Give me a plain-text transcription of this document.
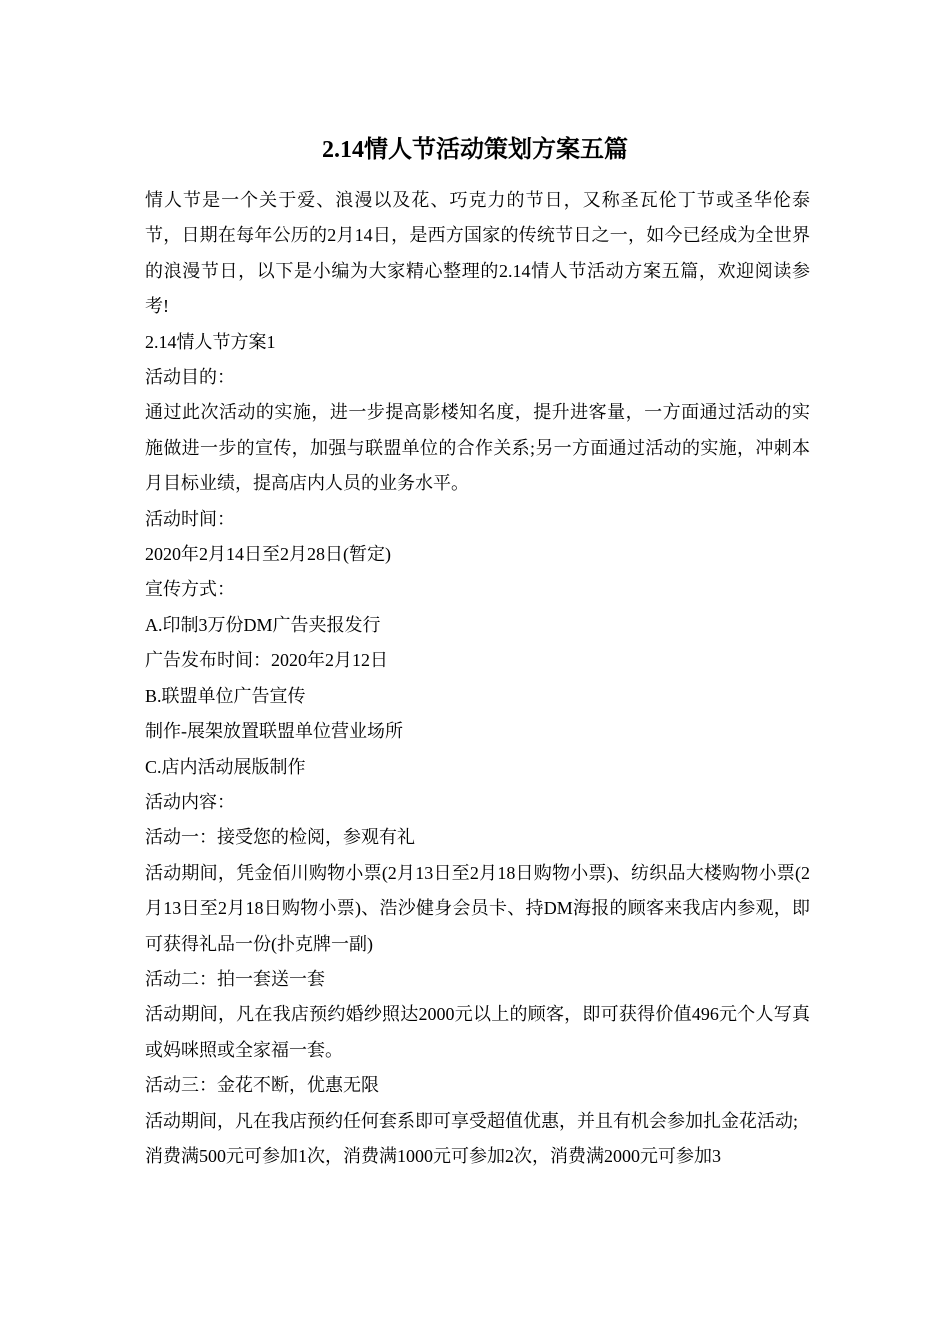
2.14情人节活动策划方案五篇

情人节是一个关于爱、浪漫以及花、巧克力的节日，又称圣瓦伦丁节或圣华伦泰节，日期在每年公历的2月14日，是西方国家的传统节日之一，如今已经成为全世界的浪漫节日，以下是小编为大家精心整理的2.14情人节活动方案五篇，欢迎阅读参考!

2.14情人节方案1

活动目的：

通过此次活动的实施，进一步提高影楼知名度，提升进客量，一方面通过活动的实施做进一步的宣传，加强与联盟单位的合作关系;另一方面通过活动的实施，冲刺本月目标业绩，提高店内人员的业务水平。

活动时间：

2020年2月14日至2月28日(暂定)

宣传方式：

A.印制3万份DM广告夹报发行

广告发布时间：2020年2月12日

B.联盟单位广告宣传

制作-展架放置联盟单位营业场所

C.店内活动展版制作

活动内容：

活动一：接受您的检阅，参观有礼

活动期间，凭金佰川购物小票(2月13日至2月18日购物小票)、纺织品大楼购物小票(2月13日至2月18日购物小票)、浩沙健身会员卡、持DM海报的顾客来我店内参观，即可获得礼品一份(扑克牌一副)

活动二：拍一套送一套

活动期间，凡在我店预约婚纱照达2000元以上的顾客，即可获得价值496元个人写真或妈咪照或全家福一套。

活动三：金花不断，优惠无限

活动期间，凡在我店预约任何套系即可享受超值优惠，并且有机会参加扎金花活动;

消费满500元可参加1次，消费满1000元可参加2次，消费满2000元可参加3
